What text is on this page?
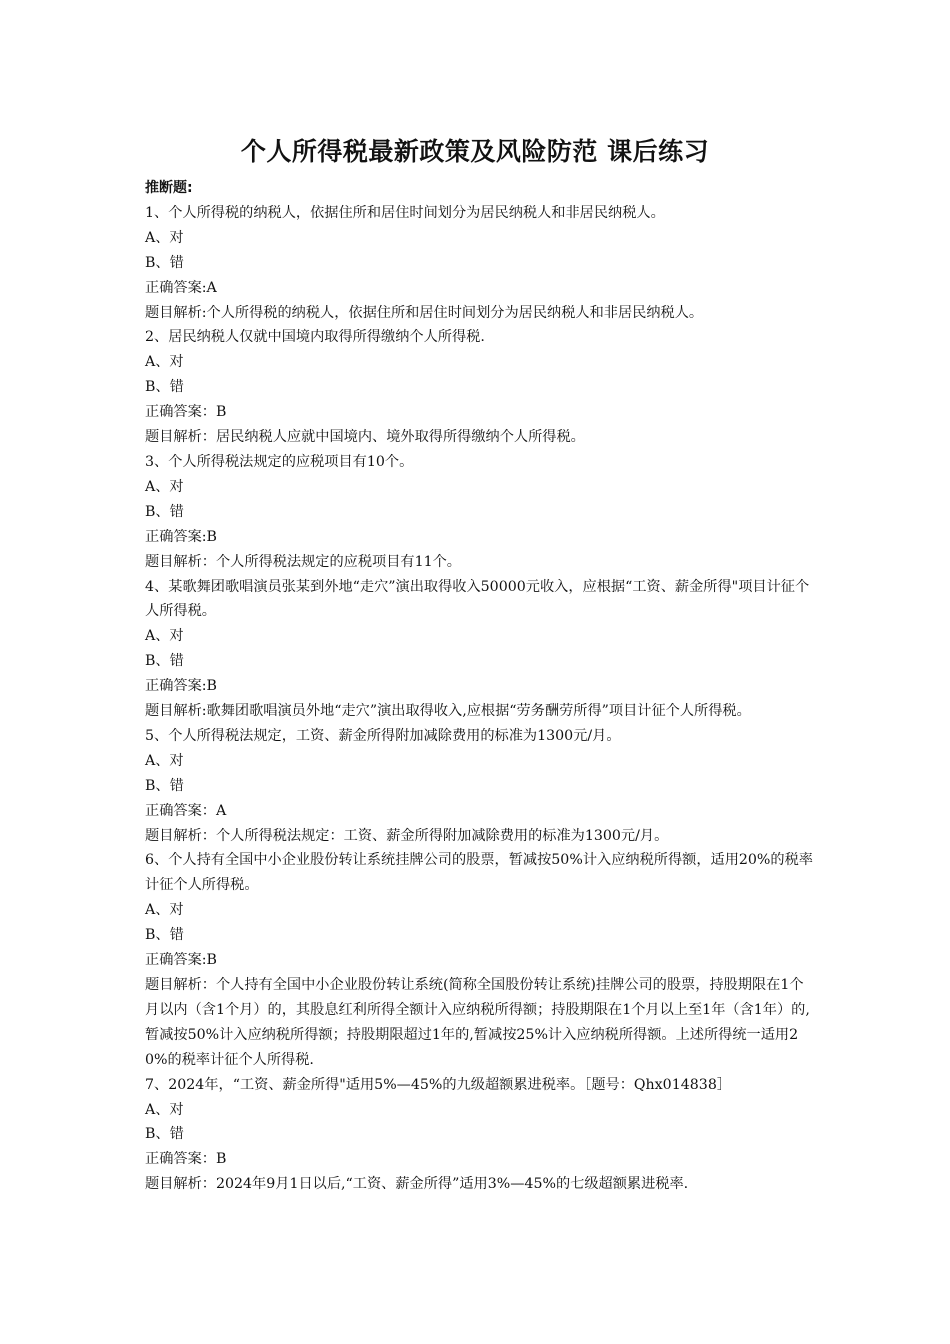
个人所得税最新政策及风险防范 课后练习
推断题:
1、个人所得税的纳税人，依据住所和居住时间划分为居民纳税人和非居民纳税人。
A、对
B、错
正确答案:A
题目解析:个人所得税的纳税人，依据住所和居住时间划分为居民纳税人和非居民纳税人。
2、居民纳税人仅就中国境内取得所得缴纳个人所得税.
A、对
B、错
正确答案：B
题目解析：居民纳税人应就中国境内、境外取得所得缴纳个人所得税。
3、个人所得税法规定的应税项目有10个。
A、对
B、错
正确答案:B
题目解析：个人所得税法规定的应税项目有11个。
4、某歌舞团歌唱演员张某到外地“走穴”演出取得收入50000元收入，应根据“工资、薪金所得"项目计征个人所得税。
A、对
B、错
正确答案:B
题目解析:歌舞团歌唱演员外地“走穴”演出取得收入,应根据“劳务酬劳所得”项目计征个人所得税。
5、个人所得税法规定，工资、薪金所得附加减除费用的标准为1300元/月。
A、对
B、错
正确答案：A
题目解析：个人所得税法规定：工资、薪金所得附加减除费用的标准为1300元/月。
6、个人持有全国中小企业股份转让系统挂牌公司的股票，暂减按50%计入应纳税所得额，适用20%的税率计征个人所得税。
A、对
B、错
正确答案:B
题目解析：个人持有全国中小企业股份转让系统(简称全国股份转让系统)挂牌公司的股票，持股期限在1个月以内（含1个月）的，其股息红利所得全额计入应纳税所得额；持股期限在1个月以上至1年（含1年）的,暂减按50%计入应纳税所得额；持股期限超过1年的,暂减按25%计入应纳税所得额。上述所得统一适用20%的税率计征个人所得税.
7、2024年，“工资、薪金所得"适用5%—45%的九级超额累进税率。［题号：Qhx014838］
A、对
B、错
正确答案：B
题目解析：2024年9月1日以后,“工资、薪金所得”适用3%—45%的七级超额累进税率.
